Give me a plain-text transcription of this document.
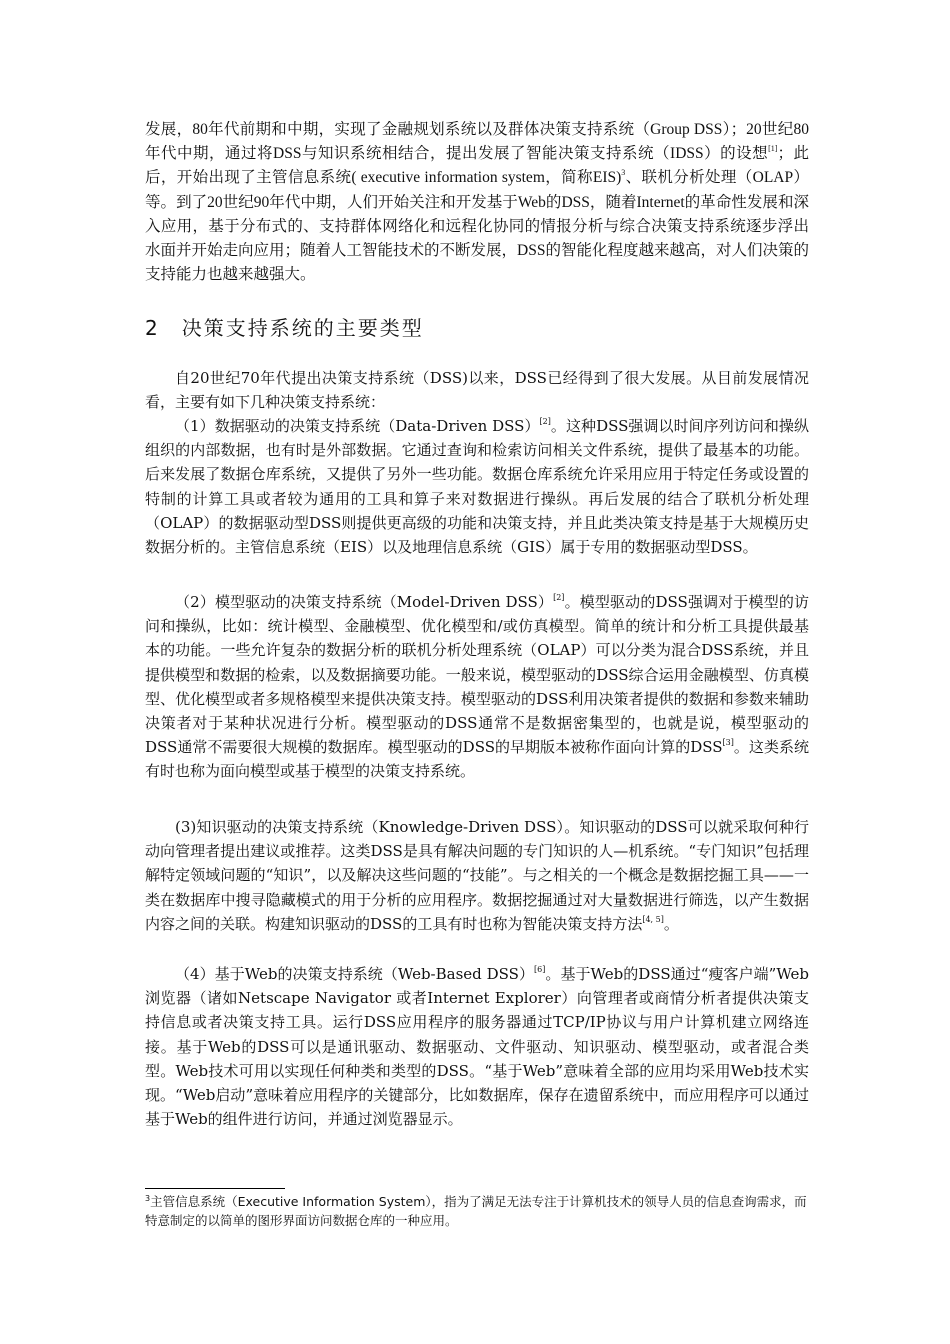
发展，80年代前期和中期，实现了金融规划系统以及群体决策支持系统（Group DSS）；20世纪80年代中期，通过将DSS与知识系统相结合，提出发展了智能决策支持系统（IDSS）的设想[1]；此后，开始出现了主管信息系统( executive information system，简称EIS)$^3$、联机分析处理（OLAP）等。到了20世纪90年代中期，人们开始关注和开发基于Web的DSS，随着Internet的革命性发展和深入应用，基于分布式的、支持群体网络化和远程化协同的情报分析与综合决策支持系统逐步浮出水面并开始走向应用；随着人工智能技术的不断发展，DSS的智能化程度越来越高，对人们决策的支持能力也越来越强大。

2 决策支持系统的主要类型

自20世纪70年代提出决策支持系统（DSS)以来，DSS已经得到了很大发展。从目前发展情况看，主要有如下几种决策支持系统：

（1）数据驱动的决策支持系统（Data-Driven DSS）[2]。这种DSS强调以时间序列访问和操纵组织的内部数据，也有时是外部数据。它通过查询和检索访问相关文件系统，提供了最基本的功能。后来发展了数据仓库系统，又提供了另外一些功能。数据仓库系统允许采用应用于特定任务或设置的特制的计算工具或者较为通用的工具和算子来对数据进行操纵。再后发展的结合了联机分析处理（OLAP）的数据驱动型DSS则提供更高级的功能和决策支持，并且此类决策支持是基于大规模历史数据分析的。主管信息系统（EIS）以及地理信息系统（GIS）属于专用的数据驱动型DSS。

（2）模型驱动的决策支持系统（Model-Driven DSS）[2]。模型驱动的DSS强调对于模型的访问和操纵，比如：统计模型、金融模型、优化模型和/或仿真模型。简单的统计和分析工具提供最基本的功能。一些允许复杂的数据分析的联机分析处理系统（OLAP）可以分类为混合DSS系统，并且提供模型和数据的检索，以及数据摘要功能。一般来说，模型驱动的DSS综合运用金融模型、仿真模型、优化模型或者多规格模型来提供决策支持。模型驱动的DSS利用决策者提供的数据和参数来辅助决策者对于某种状况进行分析。模型驱动的DSS通常不是数据密集型的，也就是说，模型驱动的DSS通常不需要很大规模的数据库。模型驱动的DSS的早期版本被称作面向计算的DSS[3]。这类系统有时也称为面向模型或基于模型的决策支持系统。

(3)知识驱动的决策支持系统（Knowledge-Driven DSS）。知识驱动的DSS可以就采取何种行动向管理者提出建议或推荐。这类DSS是具有解决问题的专门知识的人—机系统。“专门知识”包括理解特定领域问题的“知识”，以及解决这些问题的“技能”。与之相关的一个概念是数据挖掘工具——一类在数据库中搜寻隐藏模式的用于分析的应用程序。数据挖掘通过对大量数据进行筛选，以产生数据内容之间的关联。构建知识驱动的DSS的工具有时也称为智能决策支持方法[4, 5]。

（4）基于Web的决策支持系统（Web-Based DSS）[6]。基于Web的DSS通过“瘦客户端”Web浏览器（诸如Netscape Navigator 或者Internet Explorer）向管理者或商情分析者提供决策支持信息或者决策支持工具。运行DSS应用程序的服务器通过TCP/IP协议与用户计算机建立网络连接。基于Web的DSS可以是通讯驱动、数据驱动、文件驱动、知识驱动、模型驱动，或者混合类型。Web技术可用以实现任何种类和类型的DSS。“基于Web”意味着全部的应用均采用Web技术实现。“Web启动”意味着应用程序的关键部分，比如数据库，保存在遗留系统中，而应用程序可以通过基于Web的组件进行访问，并通过浏览器显示。

$^3$主管信息系统（Executive Information System），指为了满足无法专注于计算机技术的领导人员的信息查询需求，而特意制定的以简单的图形界面访问数据仓库的一种应用。
